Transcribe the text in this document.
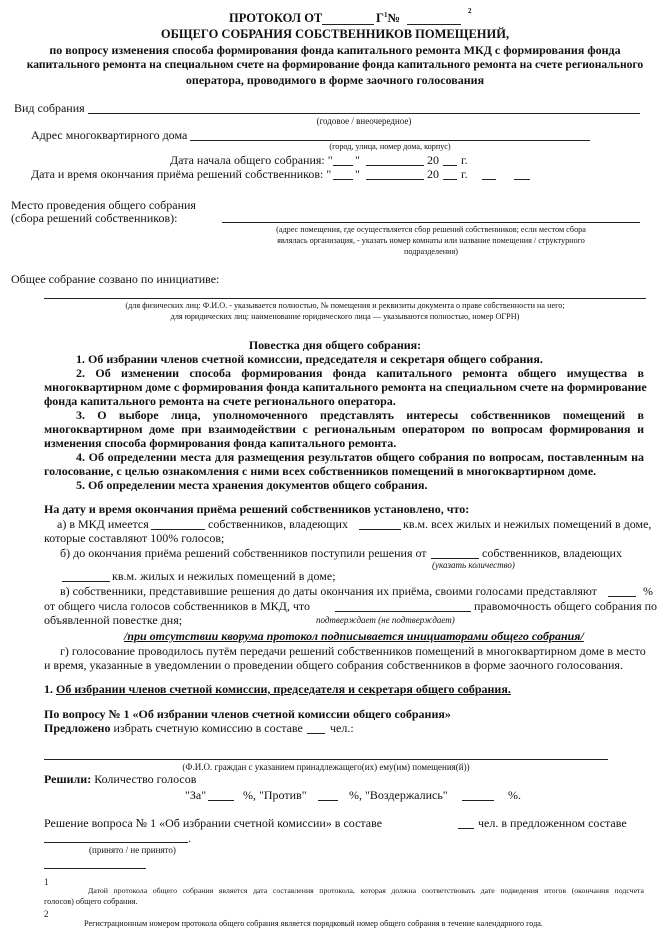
ПРОТОКОЛ ОТ	$Г^1№$
2
ОБЩЕГО СОБРАНИЯ СОБСТВЕННИКОВ ПОМЕЩЕНИЙ,
по вопросу изменения способа формирования фонда капитального ремонта МКД с формирования фонда
капитального ремонта на специальном счете на формирование фонда капитального ремонта на счете регионального
оператора, проводимого в форме заочного голосования
Вид собрания
(годовое / внеочередное)
Адрес многоквартирного дома
(город, улица, номер дома, корпус)
Дата начала общего собрания: " "	20 г.
Дата и время окончания приёма решений собственников: " "	20 г.
Место проведения общего собрания
(сбора решений собственников):
(адрес помещения, где осуществляется сбор решений собственников; если местом сбора
являлась организация, - указать номер комнаты или название помещения / структурного
подразделения)
Общее собрание созвано по инициативе:
(для физических лиц: Ф.И.О. - указывается полностью, № помещения и реквизиты документа о праве собственности на него;
для юридических лиц: наименование юридического лица — указываются полностью, номер ОГРН)
Повестка дня общего собрания:
1. Об избрании членов счетной комиссии, председателя и секретаря общего собрания.
2. Об изменении способа формирования фонда капитального ремонта общего имущества в
многоквартирном доме с формирования фонда капитального ремонта на специальном счете на формирование
фонда капитального ремонта на счете регионального оператора.
3. О выборе лица, уполномоченного представлять интересы собственников помещений в
многоквартирном доме при взаимодействии с региональным оператором по вопросам формирования и
изменения способа формирования фонда капитального ремонта.
4. Об определении места для размещения результатов общего собрания по вопросам, поставленным на
голосование, с целью ознакомления с ними всех собственников помещений в многоквартирном доме.
5. Об определении места хранения документов общего собрания.
На дату и время окончания приёма решений собственников установлено, что:
а) в МКД имеется	собственников, владеющих	кв.м. всех жилых и нежилых помещений в доме,
которые составляют 100% голосов;
б) до окончания приёма решений собственников поступили решения от	собственников, владеющих
(указать количество)
кв.м. жилых и нежилых помещений в доме;
в) собственники, представившие решения до даты окончания их приёма, своими голосами представляют	%
от общего числа голосов собственников в МКД, что	правомочность общего собрания по
объявленной повестке дня;	подтверждает (не подтверждает)
/при отсутствии кворума протокол подписывается инициаторами общего собрания/
г) голосование проводилось путём передачи решений собственников помещений в многоквартирном доме в место
и время, указанные в уведомлении о проведении общего собрания собственников в форме заочного голосования.
1. Об избрании членов счетной комиссии, председателя и секретаря общего собрания.
По вопросу № 1 «Об избрании членов счетной комиссии общего собрания»
Предложено избрать счетную комиссию в составе чел.:
(Ф.И.О. граждан с указанием принадлежащего(их) ему(им) помещения(й))
Решили: Количество голосов
"За"	%, "Против"	%, "Воздержались"	%.
Решение вопроса № 1 «Об избрании счетной комиссии» в составе	чел. в предложенном составе
.
(принято / не принято)
1
Датой протокола общего собрания является дата составления протокола, которая должна соответствовать дате подведения итогов (окончания подсчета
голосов) общего собрания.
2
Регистрационным номером протокола общего собрания является порядковый номер общего собрания в течение календарного года.
